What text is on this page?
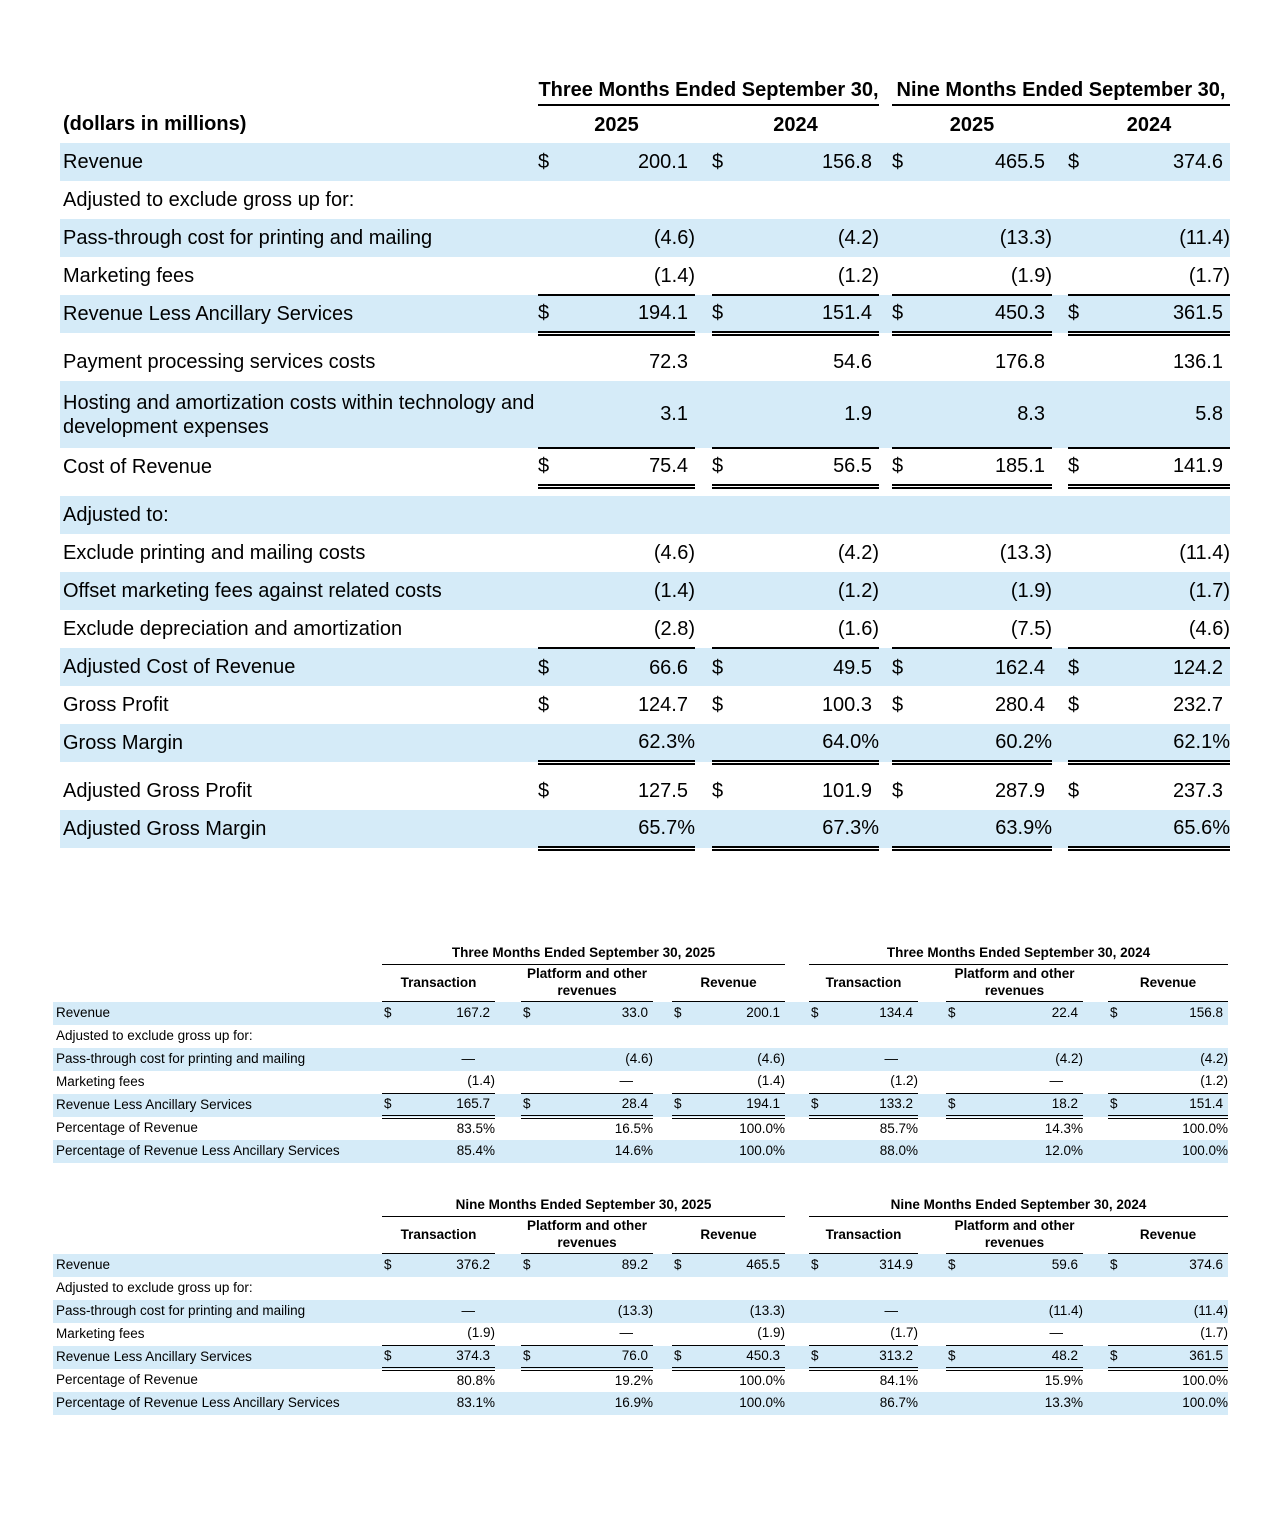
	Three Months Ended September 30,						Nine Months Ended September 30,				
(dollars in millions)	2025			2024			2025			2024	
Revenue	$	200.1		$	156.8		$	465.5		$	374.6
Adjusted to exclude gross up for:											
Pass-through cost for printing and mailing		(4.6)			(4.2)			(13.3)			(11.4)
Marketing fees		(1.4)			(1.2)			(1.9)			(1.7)
Revenue Less Ancillary Services	$	194.1		$	151.4		$	450.3		$	361.5

Payment processing services costs		72.3			54.6			176.8			136.1
Hosting and amortization costs within technology and development expenses		3.1			1.9			8.3			5.8
Cost of Revenue	$	75.4		$	56.5		$	185.1		$	141.9

Adjusted to:											
Exclude printing and mailing costs		(4.6)			(4.2)			(13.3)			(11.4)
Offset marketing fees against related costs		(1.4)			(1.2)			(1.9)			(1.7)
Exclude depreciation and amortization		(2.8)			(1.6)			(7.5)			(4.6)
Adjusted Cost of Revenue	$	66.6		$	49.5		$	162.4		$	124.2
Gross Profit	$	124.7		$	100.3		$	280.4		$	232.7
Gross Margin		62.3%			64.0%			60.2%			62.1%

Adjusted Gross Profit	$	127.5		$	101.9		$	287.9		$	237.3
Adjusted Gross Margin		65.7%			67.3%			63.9%			65.6%
	Three Months Ended September 30, 2025									Three Months Ended September 30, 2024							
	Transaction			Platform and other revenues			Revenue			Transaction			Platform and other revenues			Revenue	
Revenue	$	167.2		$	33.0		$	200.1		$	134.4		$	22.4		$	156.8
Adjusted to exclude gross up for:																	
Pass-through cost for printing and mailing		—			(4.6)			(4.6)			—			(4.2)			(4.2)
Marketing fees		(1.4)			—			(1.4)			(1.2)			—			(1.2)
Revenue Less Ancillary Services	$	165.7		$	28.4		$	194.1		$	133.2		$	18.2		$	151.4
Percentage of Revenue		83.5%			16.5%			100.0%			85.7%			14.3%			100.0%
Percentage of Revenue Less Ancillary Services		85.4%			14.6%			100.0%			88.0%			12.0%			100.0%
	Nine Months Ended September 30, 2025									Nine Months Ended September 30, 2024							
	Transaction			Platform and other revenues			Revenue			Transaction			Platform and other revenues			Revenue	
Revenue	$	376.2		$	89.2		$	465.5		$	314.9		$	59.6		$	374.6
Adjusted to exclude gross up for:																	
Pass-through cost for printing and mailing		—			(13.3)			(13.3)			—			(11.4)			(11.4)
Marketing fees		(1.9)			—			(1.9)			(1.7)			—			(1.7)
Revenue Less Ancillary Services	$	374.3		$	76.0		$	450.3		$	313.2		$	48.2		$	361.5
Percentage of Revenue		80.8%			19.2%			100.0%			84.1%			15.9%			100.0%
Percentage of Revenue Less Ancillary Services		83.1%			16.9%			100.0%			86.7%			13.3%			100.0%
